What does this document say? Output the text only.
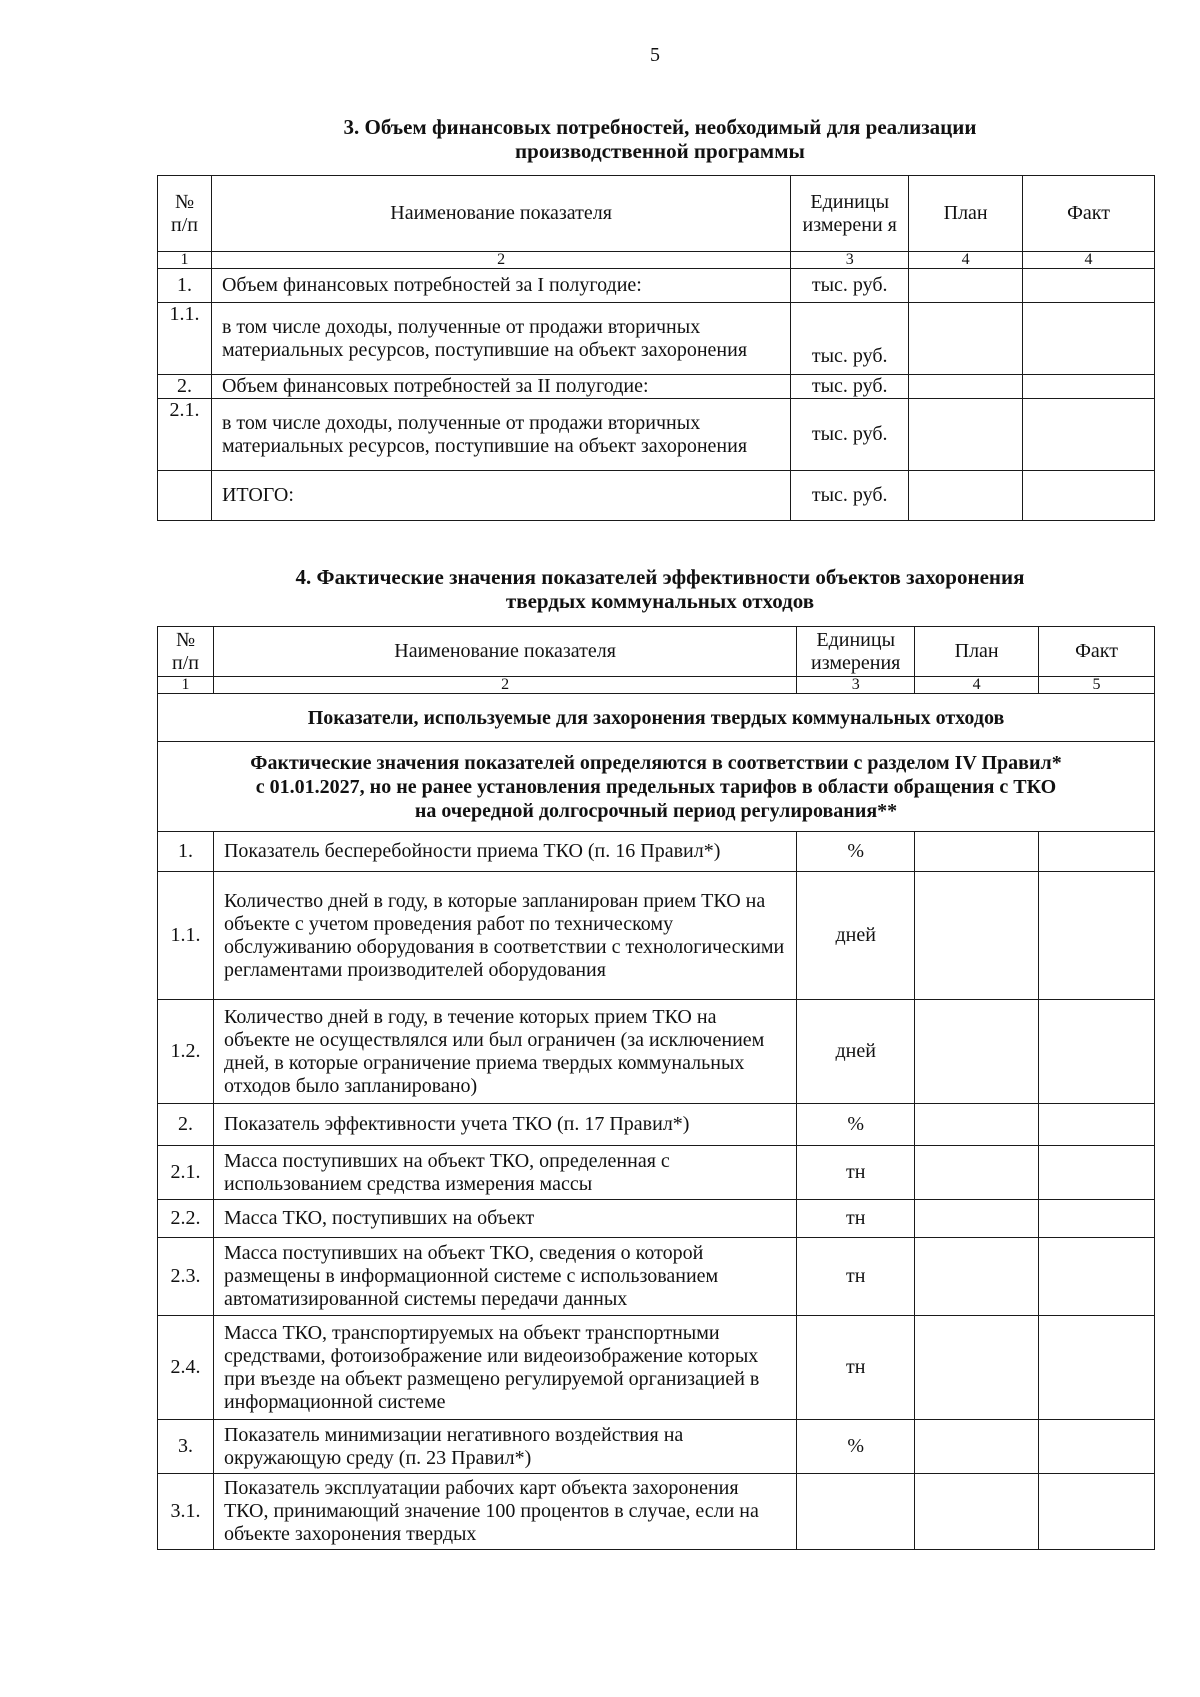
5
3. Объем финансовых потребностей, необходимый для реализации
производственной программы
№ п/п	Наименование показателя	Единицы измерени я	План	Факт
1	2	3	4	4
1.	Объем финансовых потребностей за I полугодие:	тыс. руб.		
1.1.	в том числе доходы, полученные от продажи вторичных материальных ресурсов, поступившие на объект захоронения	тыс. руб.		
2.	Объем финансовых потребностей за II полугодие:	тыс. руб.		
2.1.	в том числе доходы, полученные от продажи вторичных материальных ресурсов, поступившие на объект захоронения	тыс. руб.		
	ИТОГО:	тыс. руб.		
4. Фактические значения показателей эффективности объектов захоронения
твердых коммунальных отходов
№ п/п	Наименование показателя	Единицы измерения	План	Факт
1	2	3	4	5
Показатели, используемые для захоронения твердых коммунальных отходов				

Фактические значения показателей определяются в соответствии с разделом IV Правил*
с 01.01.2027, но не ранее установления предельных тарифов в области обращения с ТКО
на очередной долгосрочный период регулирования**				

1.	Показатель бесперебойности приема ТКО (п. 16 Правил*)	%		
1.1.	Количество дней в году, в которые запланирован прием ТКО на объекте с учетом проведения работ по техническому обслуживанию оборудования в соответствии с технологическими регламентами производителей оборудования	дней		
1.2.	Количество дней в году, в течение которых прием ТКО на объекте не осуществлялся или был ограничен (за исключением дней, в которые ограничение приема твердых коммунальных отходов было запланировано)	дней		
2.	Показатель эффективности учета ТКО (п. 17 Правил*)	%		
2.1.	Масса поступивших на объект ТКО, определенная с использованием средства измерения массы	тн		
2.2.	Масса ТКО, поступивших на объект	тн		
2.3.	Масса поступивших на объект ТКО, сведения о которой размещены в информационной системе с использованием автоматизированной системы передачи данных	тн		
2.4.	Масса ТКО, транспортируемых на объект транспортными средствами, фотоизображение или видеоизображение которых при въезде на объект размещено регулируемой организацией в информационной системе	тн		
3.	Показатель минимизации негативного воздействия на окружающую среду (п. 23 Правил*)	%		
3.1.	Показатель эксплуатации рабочих карт объекта захоронения ТКО, принимающий значение 100 процентов в случае, если на объекте захоронения твердых			
